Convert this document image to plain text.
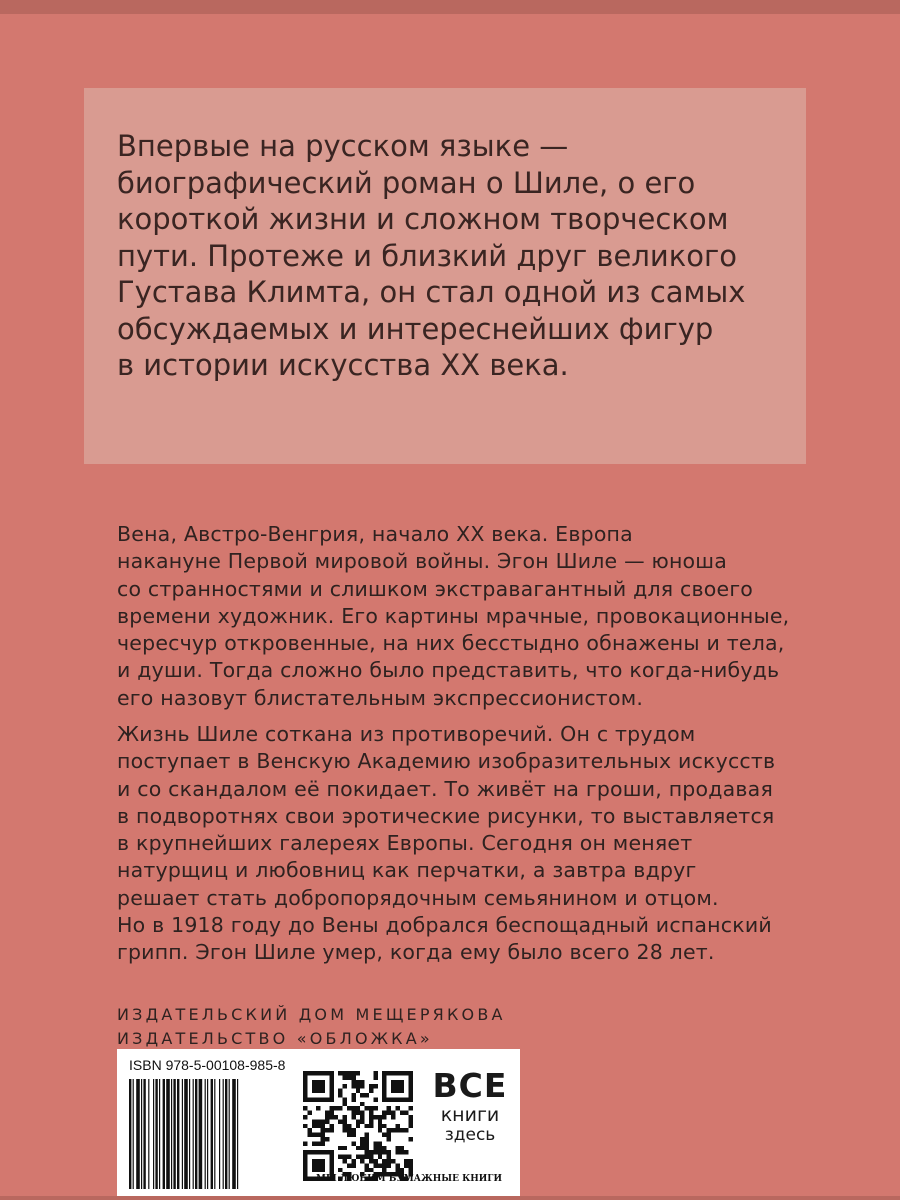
Впервые на русском языке —
биографический роман о Шиле, о его
короткой жизни и сложном творческом
пути. Протеже и близкий друг великого
Густава Климта, он стал одной из самых
обсуждаемых и интереснейших фигур
в истории искусства XX века.
Вена, Австро-Венгрия, начало XX века. Европа
накануне Первой мировой войны. Эгон Шиле — юноша
со странностями и слишком экстравагантный для своего
времени художник. Его картины мрачные, провокационные,
чересчур откровенные, на них бесстыдно обнажены и тела,
и души. Тогда сложно было представить, что когда-нибудь
его назовут блистательным экспрессионистом.
Жизнь Шиле соткана из противоречий. Он с трудом
поступает в Венскую Академию изобразительных искусств
и со скандалом её покидает. То живёт на гроши, продавая
в подворотнях свои эротические рисунки, то выставляется
в крупнейших галереях Европы. Сегодня он меняет
натурщиц и любовниц как перчатки, а завтра вдруг
решает стать добропорядочным семьянином и отцом.
Но в 1918 году до Вены добрался беспощадный испанский
грипп. Эгон Шиле умер, когда ему было всего 28 лет.
ИЗДАТЕЛЬСКИЙ ДОМ МЕЩЕРЯКОВА
ИЗДАТЕЛЬСТВО «ОБЛОЖКА»
ISBN 978-5-00108-985-8
ВСЕ
книги
здесь
МЫ ЛЮБИМ БУМАЖНЫЕ КНИГИ
